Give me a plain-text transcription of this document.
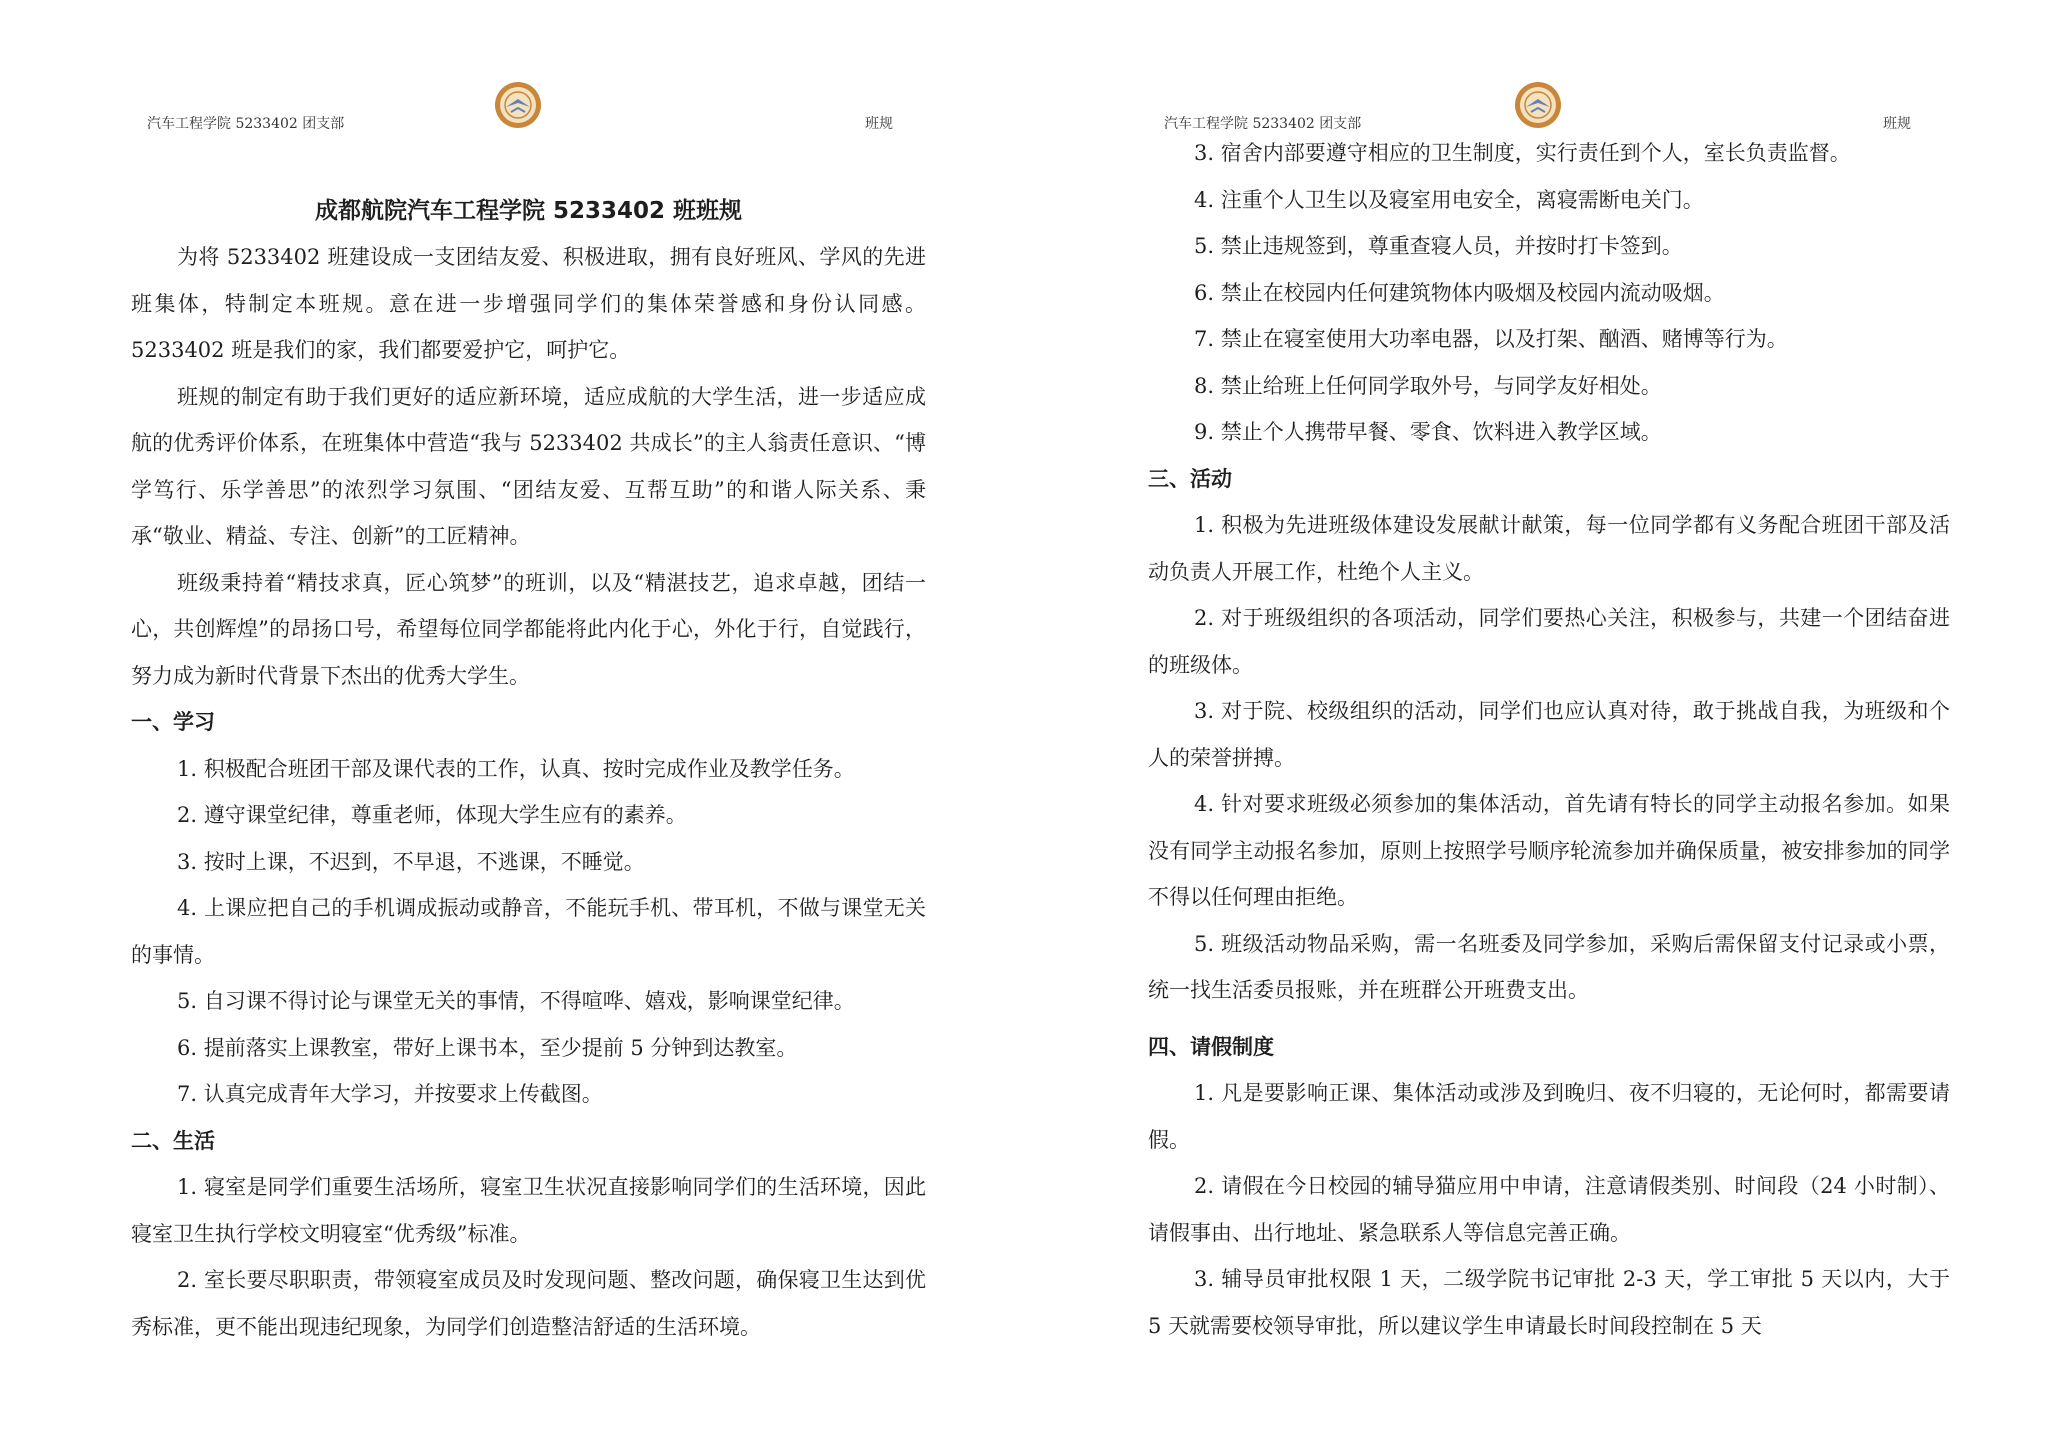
汽车工程学院 5233402 团支部	班规
成都航院汽车工程学院 5233402 班班规

为将 5233402 班建设成一支团结友爱、积极进取，拥有良好班风、学风的先进班集体，特制定本班规。意在进一步增强同学们的集体荣誉感和身份认同感。5233402 班是我们的家，我们都要爱护它，呵护它。

班规的制定有助于我们更好的适应新环境，适应成航的大学生活，进一步适应成航的优秀评价体系，在班集体中营造“我与 5233402 共成长”的主人翁责任意识、“博学笃行、乐学善思”的浓烈学习氛围、“团结友爱、互帮互助”的和谐人际关系、秉承“敬业、精益、专注、创新”的工匠精神。

班级秉持着“精技求真，匠心筑梦”的班训，以及“精湛技艺，追求卓越，团结一心，共创辉煌”的昂扬口号，希望每位同学都能将此内化于心，外化于行，自觉践行，努力成为新时代背景下杰出的优秀大学生。

一、学习

1. 积极配合班团干部及课代表的工作，认真、按时完成作业及教学任务。

2. 遵守课堂纪律，尊重老师，体现大学生应有的素养。

3. 按时上课，不迟到，不早退，不逃课，不睡觉。

4. 上课应把自己的手机调成振动或静音，不能玩手机、带耳机，不做与课堂无关的事情。

5. 自习课不得讨论与课堂无关的事情，不得喧哗、嬉戏，影响课堂纪律。

6. 提前落实上课教室，带好上课书本，至少提前 5 分钟到达教室。

7. 认真完成青年大学习，并按要求上传截图。

二、生活

1. 寝室是同学们重要生活场所，寝室卫生状况直接影响同学们的生活环境，因此寝室卫生执行学校文明寝室“优秀级”标准。

2. 室长要尽职职责，带领寝室成员及时发现问题、整改问题，确保寝卫生达到优秀标准，更不能出现违纪现象，为同学们创造整洁舒适的生活环境。

汽车工程学院 5233402 团支部	班规

3. 宿舍内部要遵守相应的卫生制度，实行责任到个人，室长负责监督。

4. 注重个人卫生以及寝室用电安全，离寝需断电关门。

5. 禁止违规签到，尊重查寝人员，并按时打卡签到。

6. 禁止在校园内任何建筑物体内吸烟及校园内流动吸烟。

7. 禁止在寝室使用大功率电器，以及打架、酗酒、赌博等行为。

8. 禁止给班上任何同学取外号，与同学友好相处。

9. 禁止个人携带早餐、零食、饮料进入教学区域。

三、活动

1. 积极为先进班级体建设发展献计献策，每一位同学都有义务配合班团干部及活动负责人开展工作，杜绝个人主义。

2. 对于班级组织的各项活动，同学们要热心关注，积极参与，共建一个团结奋进的班级体。

3. 对于院、校级组织的活动，同学们也应认真对待，敢于挑战自我，为班级和个人的荣誉拼搏。

4. 针对要求班级必须参加的集体活动，首先请有特长的同学主动报名参加。如果没有同学主动报名参加，原则上按照学号顺序轮流参加并确保质量，被安排参加的同学不得以任何理由拒绝。

5. 班级活动物品采购，需一名班委及同学参加，采购后需保留支付记录或小票，统一找生活委员报账，并在班群公开班费支出。

四、请假制度

1. 凡是要影响正课、集体活动或涉及到晚归、夜不归寝的，无论何时，都需要请假。

2. 请假在今日校园的辅导猫应用中申请，注意请假类别、时间段（24 小时制）、请假事由、出行地址、紧急联系人等信息完善正确。

3. 辅导员审批权限 1 天，二级学院书记审批 2-3 天，学工审批 5 天以内，大于 5 天就需要校领导审批，所以建议学生申请最长时间段控制在 5 天
